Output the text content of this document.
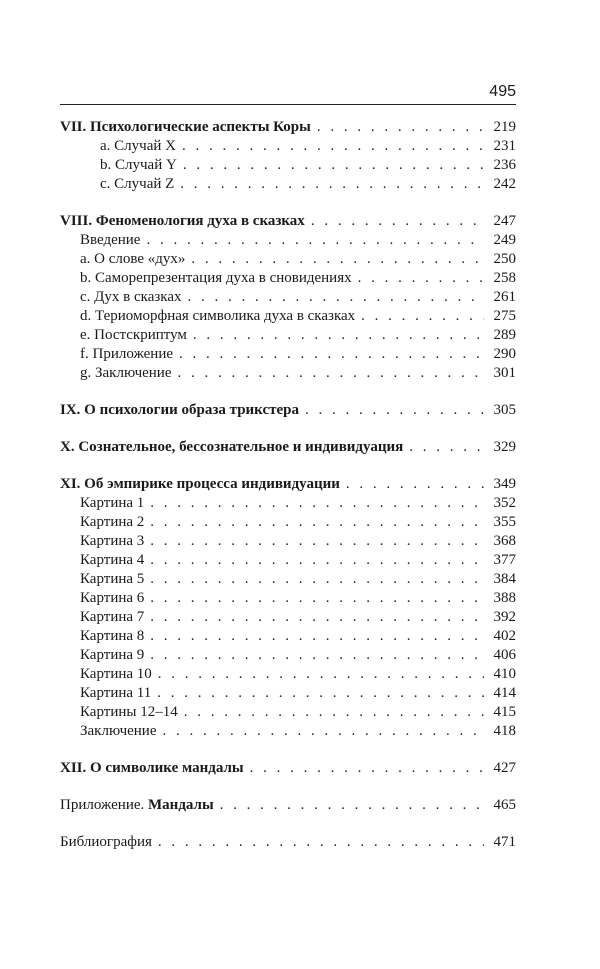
495
VII. Психологические аспекты Коры . . .	219
a. Случай X . . .	231
b. Случай Y . . .	236
c. Случай Z . . .	242
VIII. Феноменология духа в сказках . . .	247
Введение . . .	249
a. О слове «дух» . . .	250
b. Саморепрезентация духа в сновидениях . . .	258
c. Дух в сказках . . .	261
d. Териоморфная символика духа в сказках . . .	275
e. Постскриптум . . .	289
f. Приложение . . .	290
g. Заключение . . .	301
IX. О психологии образа трикстера . . .	305
X. Сознательное, бессознательное и индивидуация . . .	329
XI. Об эмпирике процесса индивидуации . . .	349
Картина 1 . . .	352
Картина 2 . . .	355
Картина 3 . . .	368
Картина 4 . . .	377
Картина 5 . . .	384
Картина 6 . . .	388
Картина 7 . . .	392
Картина 8 . . .	402
Картина 9 . . .	406
Картина 10 . . .	410
Картина 11 . . .	414
Картины 12–14 . . .	415
Заключение . . .	418
XII. О символике мандалы . . .	427
Приложение. Мандалы . . .	465
Библиография . . .	471
